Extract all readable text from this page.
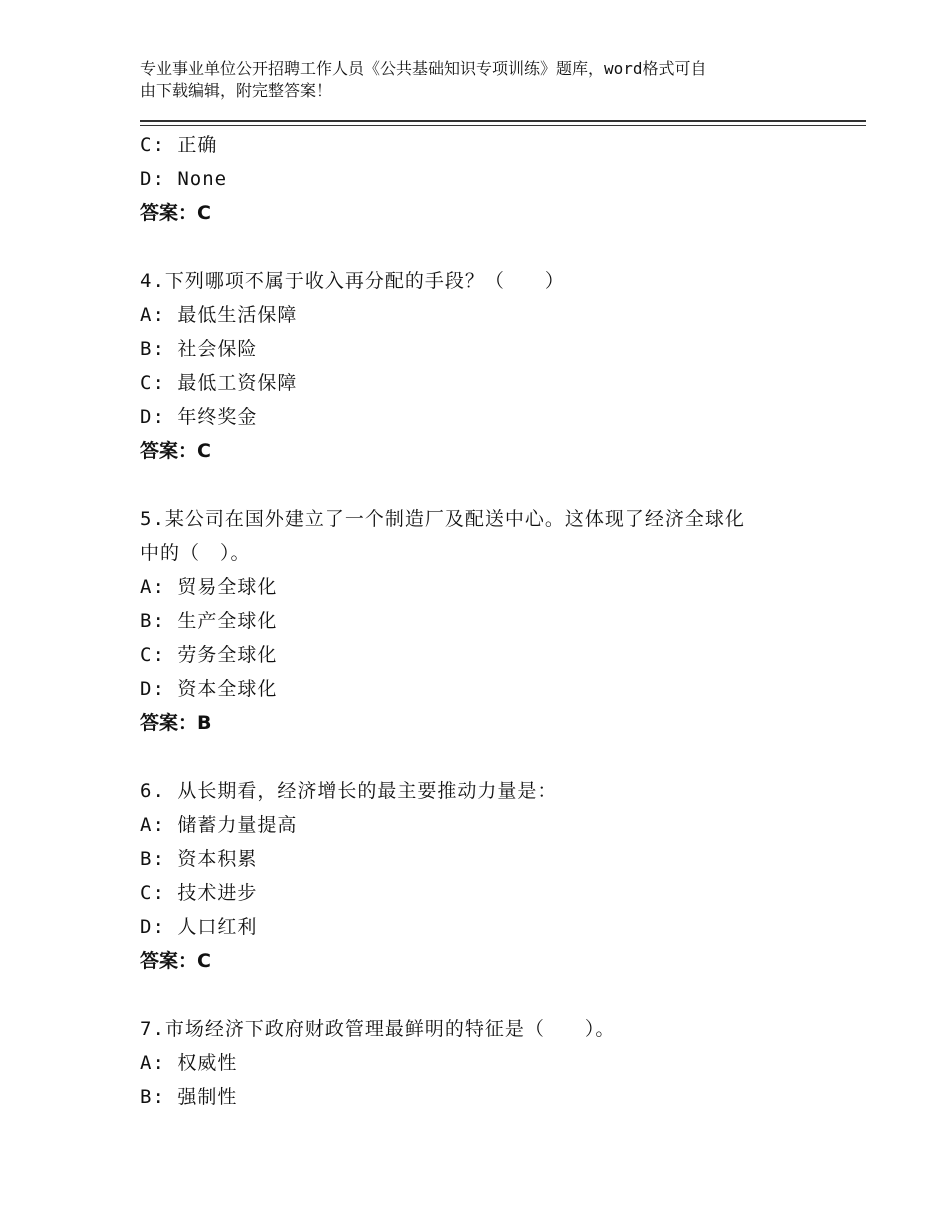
专业事业单位公开招聘工作人员《公共基础知识专项训练》题库，word格式可自
由下载编辑，附完整答案！
C: 正确
D: None
答案：C
4.下列哪项不属于收入再分配的手段？（　　）
A: 最低生活保障
B: 社会保险
C: 最低工资保障
D: 年终奖金
答案：C
5.某公司在国外建立了一个制造厂及配送中心。这体现了经济全球化
中的（　）。
A: 贸易全球化
B: 生产全球化
C: 劳务全球化
D: 资本全球化
答案：B
6. 从长期看，经济增长的最主要推动力量是：
A: 储蓄力量提高
B: 资本积累
C: 技术进步
D: 人口红利
答案：C
7.市场经济下政府财政管理最鲜明的特征是（　　）。
A: 权威性
B: 强制性
